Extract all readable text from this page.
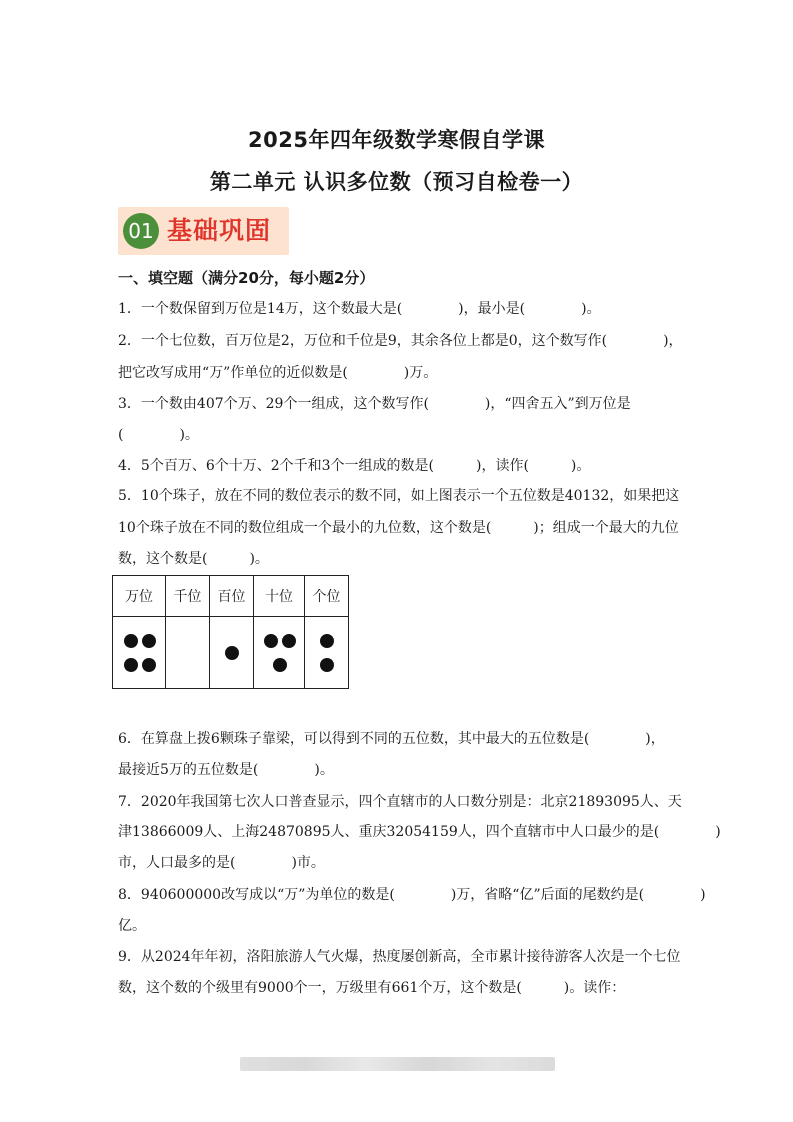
2025年四年级数学寒假自学课
第二单元 认识多位数（预习自检卷一）
01 基础巩固
一、填空题（满分20分，每小题2分）
1．一个数保留到万位是14万，这个数最大是(　　　　)，最小是(　　　　)。
2．一个七位数，百万位是2，万位和千位是9，其余各位上都是0，这个数写作(　　　　)，
把它改写成用“万”作单位的近似数是(　　　　)万。
3．一个数由407个万、29个一组成，这个数写作(　　　　)，“四舍五入”到万位是
(　　　　)。
4．5个百万、6个十万、2个千和3个一组成的数是(　　　)，读作(　　　)。
5．10个珠子，放在不同的数位表示的数不同，如上图表示一个五位数是40132，如果把这
10个珠子放在不同的数位组成一个最小的九位数，这个数是(　　　)；组成一个最大的九位
数，这个数是(　　　)。
万位	千位	百位	十位	个位

6．在算盘上拨6颗珠子靠梁，可以得到不同的五位数，其中最大的五位数是(　　　　)，
最接近5万的五位数是(　　　　)。
7．2020年我国第七次人口普查显示，四个直辖市的人口数分别是：北京21893095人、天
津13866009人、上海24870895人、重庆32054159人，四个直辖市中人口最少的是(　　　　)
市，人口最多的是(　　　　)市。
8．940600000改写成以“万”为单位的数是(　　　　)万，省略“亿”后面的尾数约是(　　　　)
亿。
9．从2024年年初，洛阳旅游人气火爆，热度屡创新高，全市累计接待游客人次是一个七位
数，这个数的个级里有9000个一，万级里有661个万，这个数是(　　　)。读作：
